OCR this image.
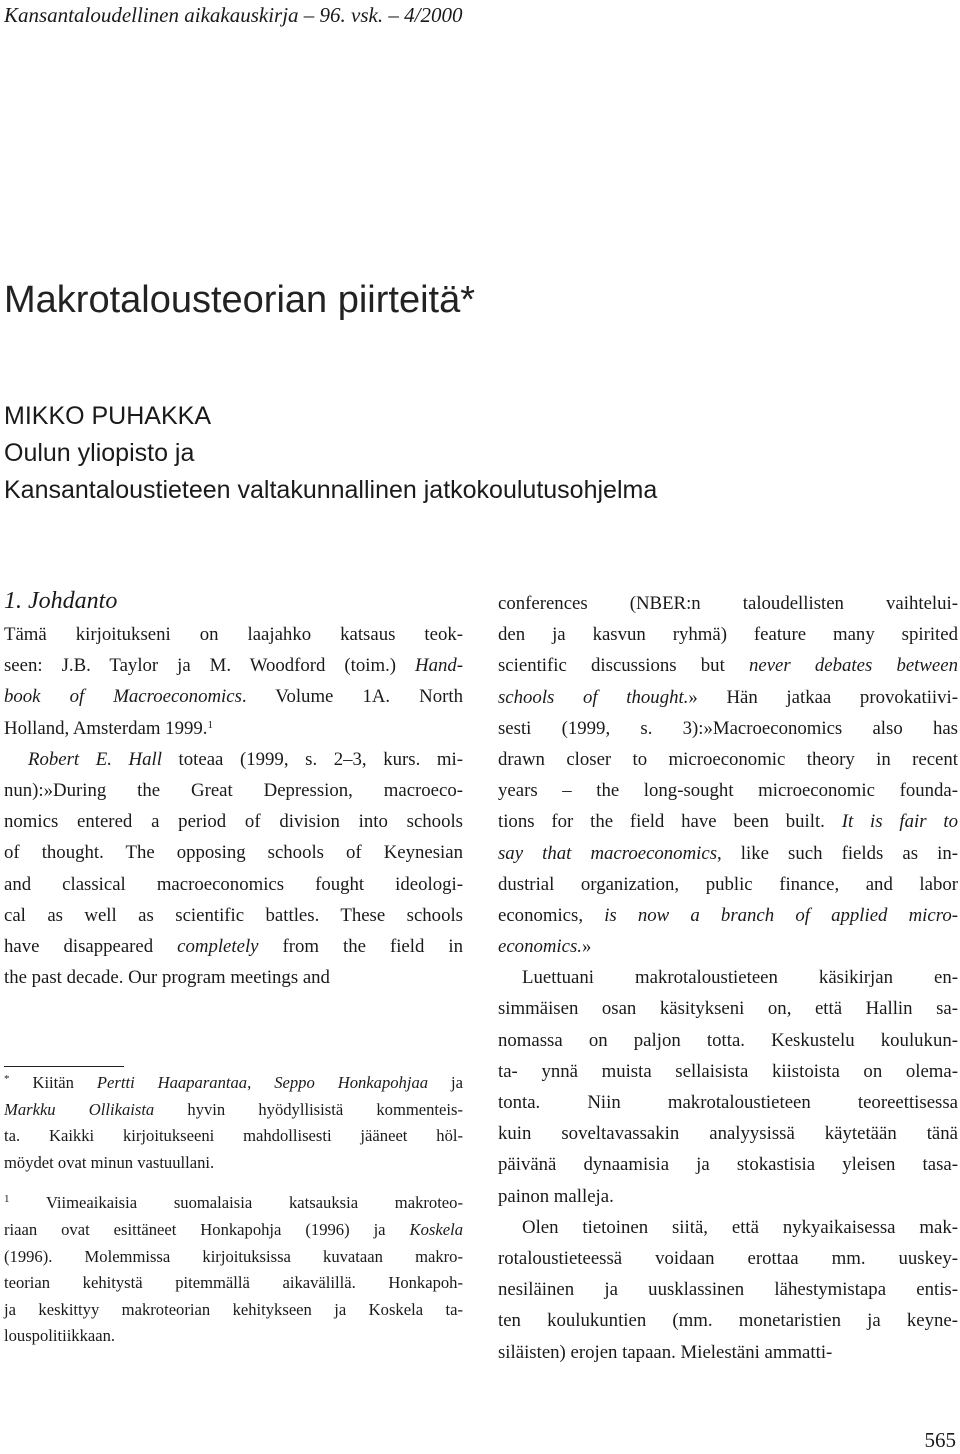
Kansantaloudellinen aikakauskirja – 96. vsk. – 4/2000
Makrotalousteorian piirteitä*
MIKKO PUHAKKA
Oulun yliopisto ja
Kansantaloustieteen valtakunnallinen jatkokoulutusohjelma
1. Johdanto
Tämä kirjoitukseni on laajahko katsaus teok-
seen: J.B. Taylor ja M. Woodford (toim.) Hand-
book of Macroeconomics. Volume 1A. North
Holland, Amsterdam 1999.$^1$
Robert E. Hall toteaa (1999, s. 2–3, kurs. mi-
nun):»During the Great Depression, macroeco-
nomics entered a period of division into schools
of thought. The opposing schools of Keynesian
and classical macroeconomics fought ideologi-
cal as well as scientific battles. These schools
have disappeared completely from the field in
the past decade. Our program meetings and
conferences (NBER:n taloudellisten vaihtelui-
den ja kasvun ryhmä) feature many spirited
scientific discussions but never debates between
schools of thought.» Hän jatkaa provokatiivi-
sesti (1999, s. 3):»Macroeconomics also has
drawn closer to microeconomic theory in recent
years – the long-sought microeconomic founda-
tions for the field have been built. It is fair to
say that macroeconomics, like such fields as in-
dustrial organization, public finance, and labor
economics, is now a branch of applied micro-
economics.»
Luettuani makrotaloustieteen käsikirjan en-
simmäisen osan käsitykseni on, että Hallin sa-
nomassa on paljon totta. Keskustelu koulukun-
ta- ynnä muista sellaisista kiistoista on olema-
tonta. Niin makrotaloustieteen teoreettisessa
kuin soveltavassakin analyysissä käytetään tänä
päivänä dynaamisia ja stokastisia yleisen tasa-
painon malleja.
Olen tietoinen siitä, että nykyaikaisessa mak-
rotaloustieteessä voidaan erottaa mm. uuskey-
nesiläinen ja uusklassinen lähestymistapa entis-
ten koulukuntien (mm. monetaristien ja keyne-
siläisten) erojen tapaan. Mielestäni ammatti-
* Kiitän Pertti Haaparantaa, Seppo Honkapohjaa ja
Markku Ollikaista hyvin hyödyllisistä kommenteis-
ta. Kaikki kirjoitukseeni mahdollisesti jääneet höl-
möydet ovat minun vastuullani.
$^1$ Viimeaikaisia suomalaisia katsauksia makroteo-
riaan ovat esittäneet Honkapohja (1996) ja Koskela
(1996). Molemmissa kirjoituksissa kuvataan makro-
teorian kehitystä pitemmällä aikavälillä. Honkapoh-
ja keskittyy makroteorian kehitykseen ja Koskela ta-
louspolitiikkaan.
565
